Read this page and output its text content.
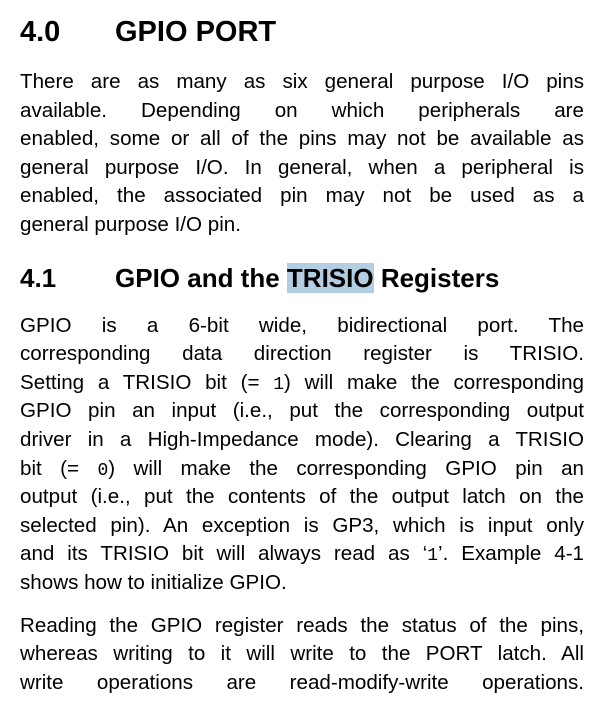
4.0	GPIO PORT
There are as many as six general purpose I/O pins
available. Depending on which peripherals are
enabled, some or all of the pins may not be available as
general purpose I/O. In general, when a peripheral is
enabled, the associated pin may not be used as a
general purpose I/O pin.
4.1	GPIO and the TRISIO Registers
GPIO is a 6-bit wide, bidirectional port. The
corresponding data direction register is TRISIO.
Setting a TRISIO bit (= 1) will make the corresponding
GPIO pin an input (i.e., put the corresponding output
driver in a High-Impedance mode). Clearing a TRISIO
bit (= 0) will make the corresponding GPIO pin an
output (i.e., put the contents of the output latch on the
selected pin). An exception is GP3, which is input only
and its TRISIO bit will always read as ‘1’. Example 4-1
shows how to initialize GPIO.
Reading the GPIO register reads the status of the pins,
whereas writing to it will write to the PORT latch. All
write operations are read-modify-write operations.
